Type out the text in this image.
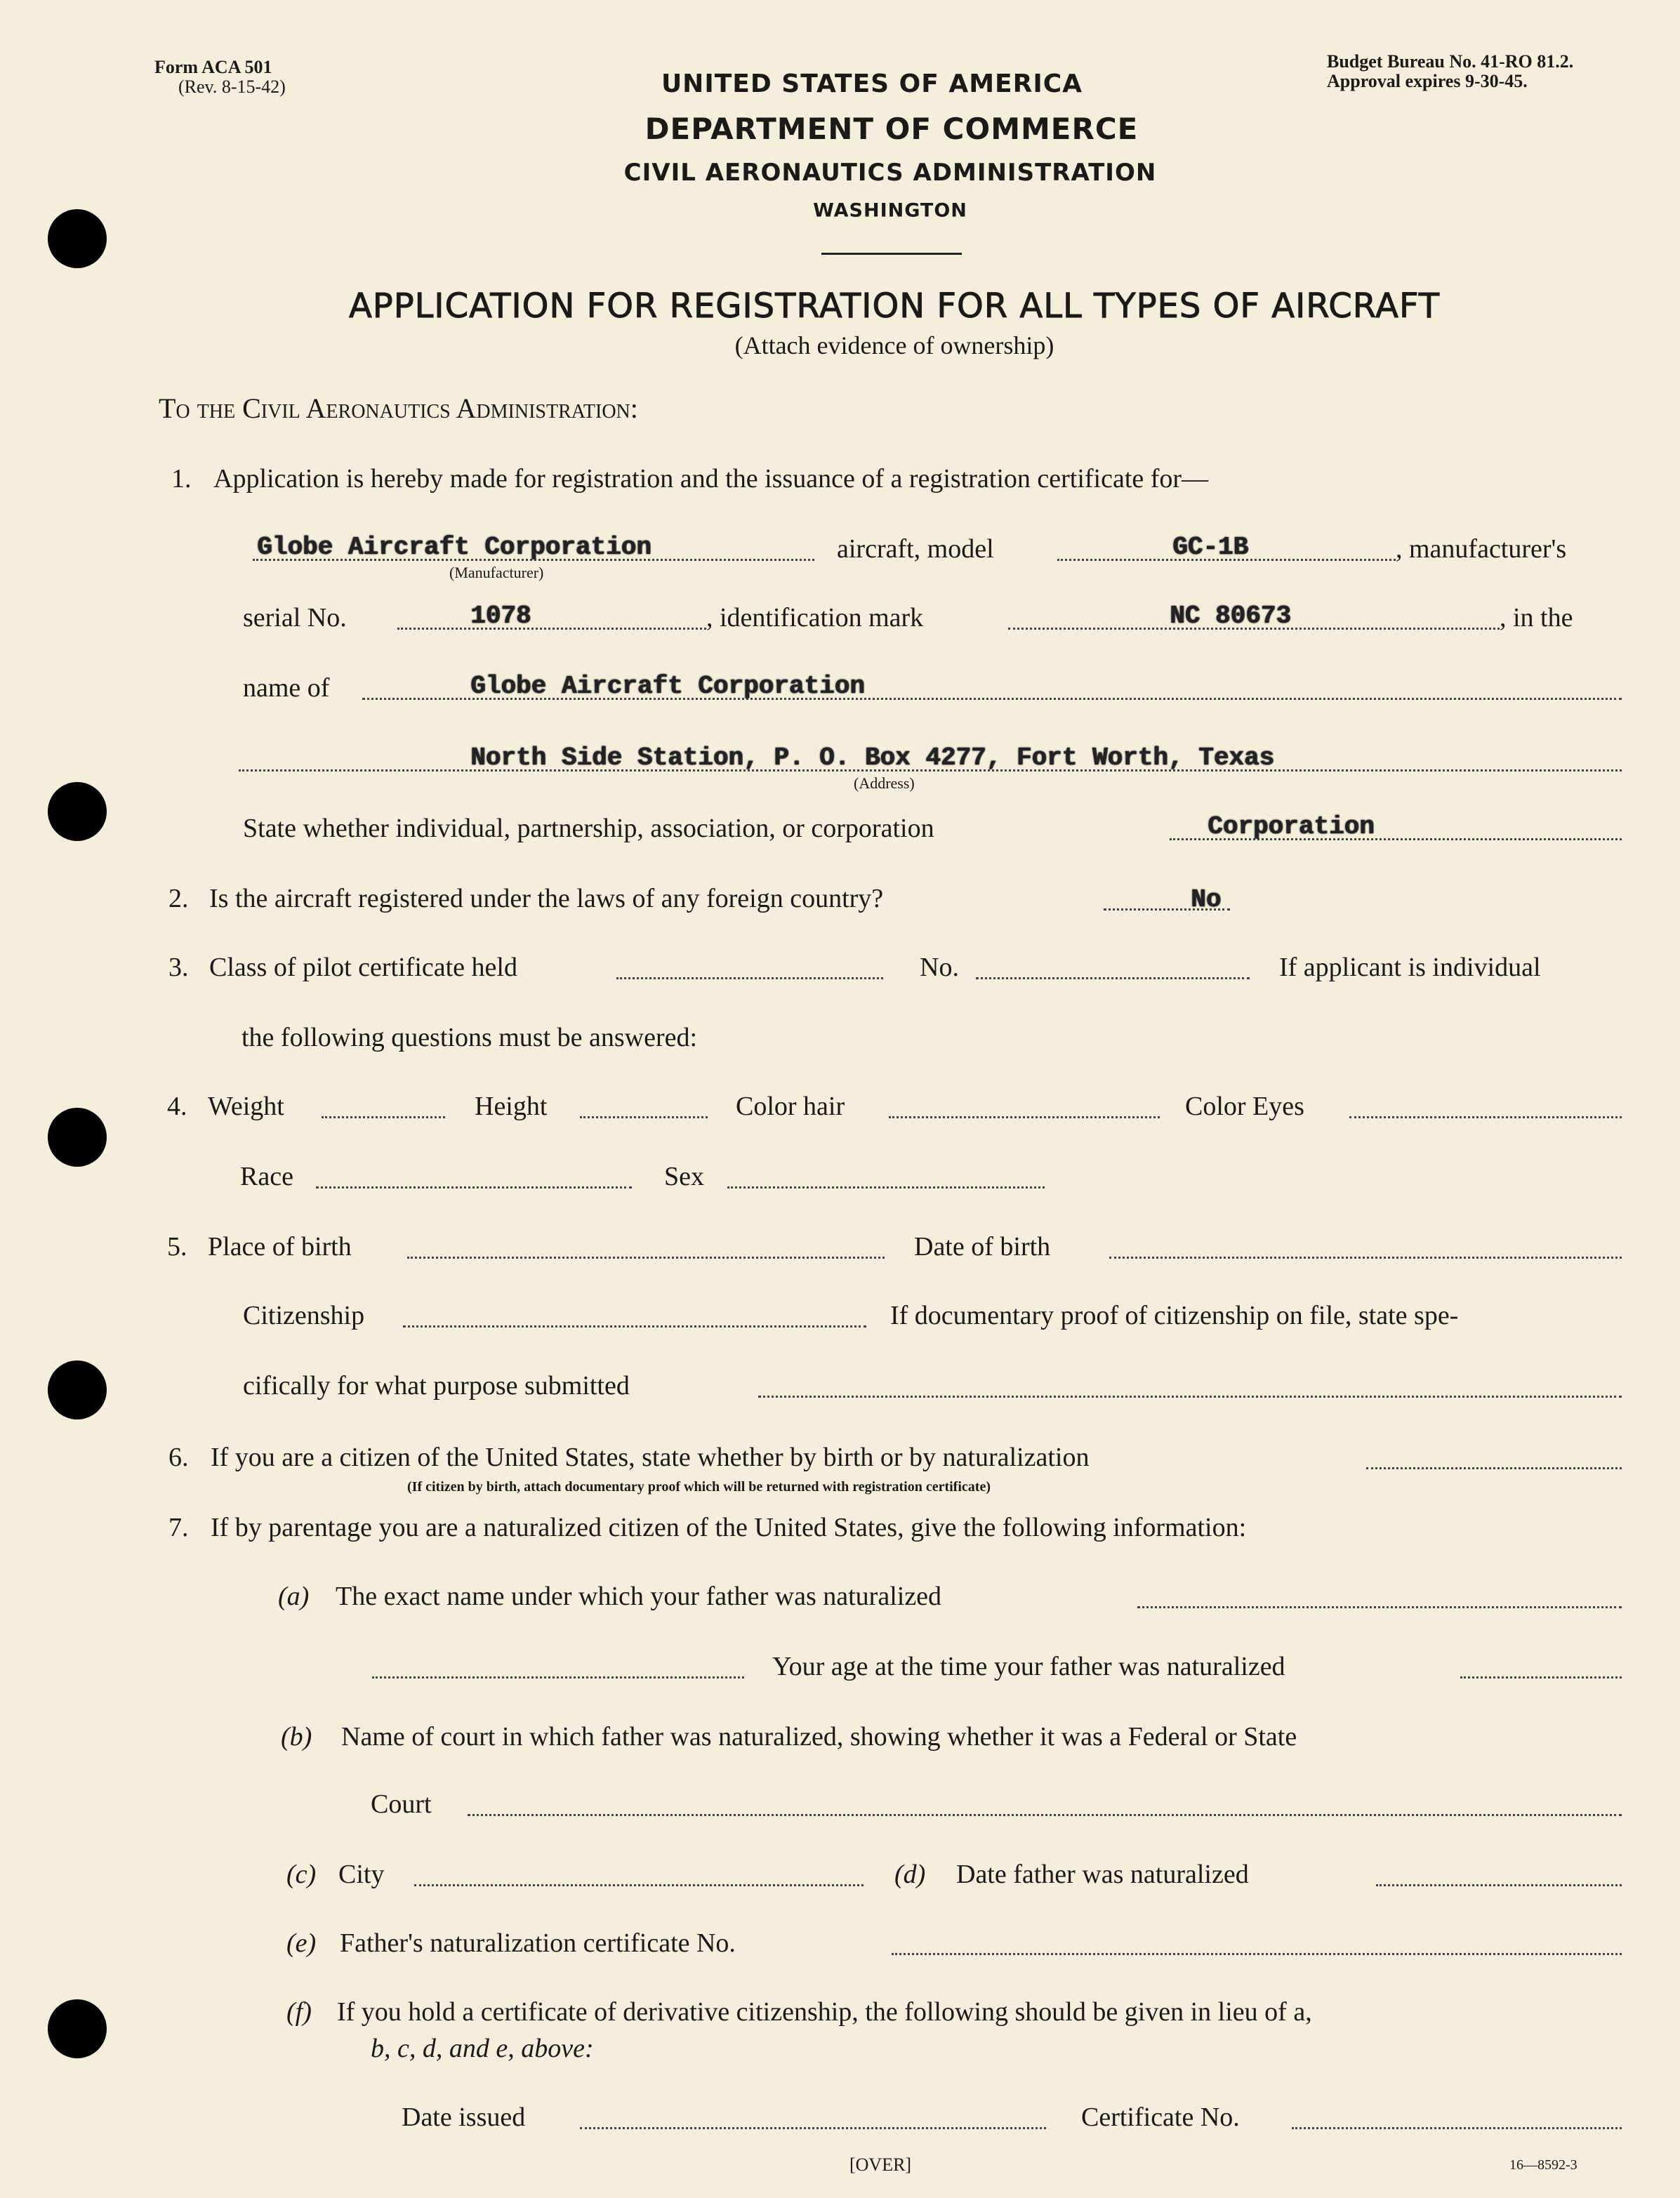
Form ACA 501
(Rev. 8-15-42)
Budget Bureau No. 41-RO 81.2.
Approval expires 9-30-45.
UNITED STATES OF AMERICA
DEPARTMENT OF COMMERCE
CIVIL AERONAUTICS ADMINISTRATION
WASHINGTON
APPLICATION FOR REGISTRATION FOR ALL TYPES OF AIRCRAFT
(Attach evidence of ownership)
To the Civil Aeronautics Administration:
1. Application is hereby made for registration and the issuance of a registration certificate for—
Globe Aircraft Corporation
(Manufacturer)
aircraft, model	GC-1B	, manufacturer's
serial No.	1078	, identification mark	NC 80673	, in the
name of	Globe Aircraft Corporation
North Side Station, P. O. Box 4277, Fort Worth, Texas
(Address)
State whether individual, partnership, association, or corporation	Corporation
2. Is the aircraft registered under the laws of any foreign country?	No
3. Class of pilot certificate held	No.	If applicant is individual
the following questions must be answered:
4. Weight	Height	Color hair	Color Eyes
Race	Sex
5. Place of birth	Date of birth
Citizenship	If documentary proof of citizenship on file, state spe-
cifically for what purpose submitted
6. If you are a citizen of the United States, state whether by birth or by naturalization
(If citizen by birth, attach documentary proof which will be returned with registration certificate)
7. If by parentage you are a naturalized citizen of the United States, give the following information:
(a) The exact name under which your father was naturalized
Your age at the time your father was naturalized
(b) Name of court in which father was naturalized, showing whether it was a Federal or State
Court
(c) City	(d) Date father was naturalized
(e) Father's naturalization certificate No.
(f) If you hold a certificate of derivative citizenship, the following should be given in lieu of a,
b, c, d, and e, above:
Date issued	Certificate No.
[OVER]	16—8592-3
